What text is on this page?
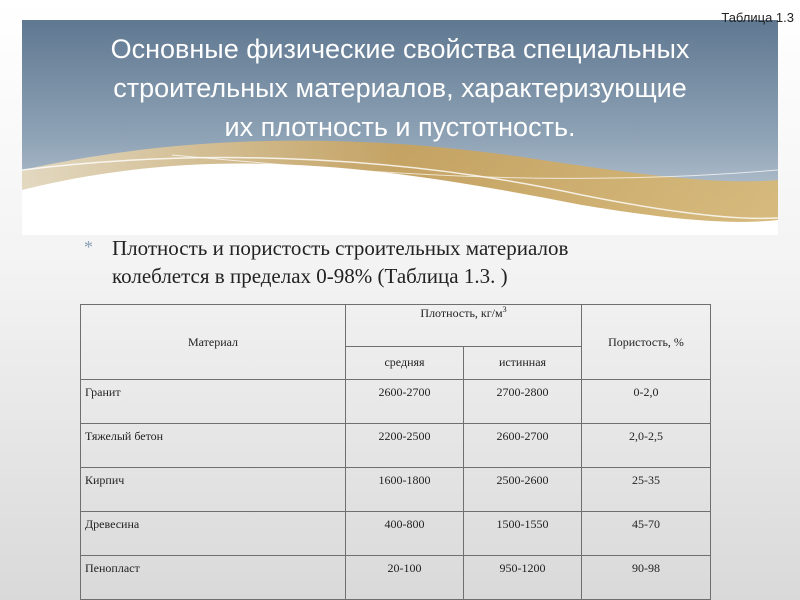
Таблица 1.3
Основные физические свойства специальных
строительных материалов, характеризующие
их плотность и пустотность.
* Плотность и пористость строительных материалов
колеблется в пределах 0-98% (Таблица 1.3. )
Материал	Плотность, $кг/м^3$		Пористость, %
	средняя	истинная	
Гранит	2600-2700	2700-2800	0-2,0
Тяжелый бетон	2200-2500	2600-2700	2,0-2,5
Кирпич	1600-1800	2500-2600	25-35
Древесина	400-800	1500-1550	45-70
Пенопласт	20-100	950-1200	90-98
